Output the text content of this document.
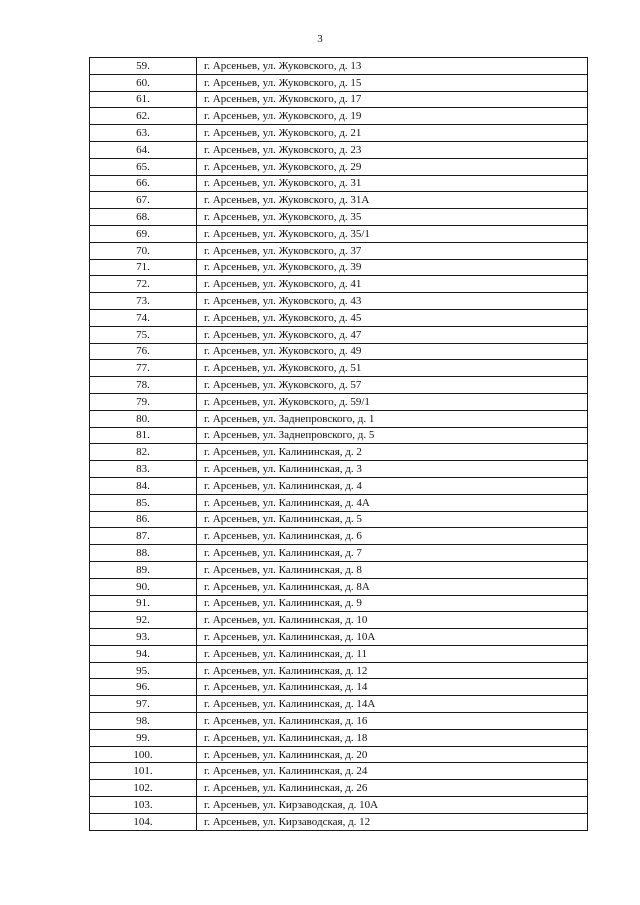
3
59.	г. Арсеньев, ул. Жуковского, д. 13
60.	г. Арсеньев, ул. Жуковского, д. 15
61.	г. Арсеньев, ул. Жуковского, д. 17
62.	г. Арсеньев, ул. Жуковского, д. 19
63.	г. Арсеньев, ул. Жуковского, д. 21
64.	г. Арсеньев, ул. Жуковского, д. 23
65.	г. Арсеньев, ул. Жуковского, д. 29
66.	г. Арсеньев, ул. Жуковского, д. 31
67.	г. Арсеньев, ул. Жуковского, д. 31А
68.	г. Арсеньев, ул. Жуковского, д. 35
69.	г. Арсеньев, ул. Жуковского, д. 35/1
70.	г. Арсеньев, ул. Жуковского, д. 37
71.	г. Арсеньев, ул. Жуковского, д. 39
72.	г. Арсеньев, ул. Жуковского, д. 41
73.	г. Арсеньев, ул. Жуковского, д. 43
74.	г. Арсеньев, ул. Жуковского, д. 45
75.	г. Арсеньев, ул. Жуковского, д. 47
76.	г. Арсеньев, ул. Жуковского, д. 49
77.	г. Арсеньев, ул. Жуковского, д. 51
78.	г. Арсеньев, ул. Жуковского, д. 57
79.	г. Арсеньев, ул. Жуковского, д. 59/1
80.	г. Арсеньев, ул. Заднепровского, д. 1
81.	г. Арсеньев, ул. Заднепровского, д. 5
82.	г. Арсеньев, ул. Калининская, д. 2
83.	г. Арсеньев, ул. Калининская, д. 3
84.	г. Арсеньев, ул. Калининская, д. 4
85.	г. Арсеньев, ул. Калининская, д. 4А
86.	г. Арсеньев, ул. Калининская, д. 5
87.	г. Арсеньев, ул. Калининская, д. 6
88.	г. Арсеньев, ул. Калининская, д. 7
89.	г. Арсеньев, ул. Калининская, д. 8
90.	г. Арсеньев, ул. Калининская, д. 8А
91.	г. Арсеньев, ул. Калининская, д. 9
92.	г. Арсеньев, ул. Калининская, д. 10
93.	г. Арсеньев, ул. Калининская, д. 10А
94.	г. Арсеньев, ул. Калининская, д. 11
95.	г. Арсеньев, ул. Калининская, д. 12
96.	г. Арсеньев, ул. Калининская, д. 14
97.	г. Арсеньев, ул. Калининская, д. 14А
98.	г. Арсеньев, ул. Калининская, д. 16
99.	г. Арсеньев, ул. Калининская, д. 18
100.	г. Арсеньев, ул. Калининская, д. 20
101.	г. Арсеньев, ул. Калининская, д. 24
102.	г. Арсеньев, ул. Калининская, д. 26
103.	г. Арсеньев, ул. Кирзаводская, д. 10А
104.	г. Арсеньев, ул. Кирзаводская, д. 12
